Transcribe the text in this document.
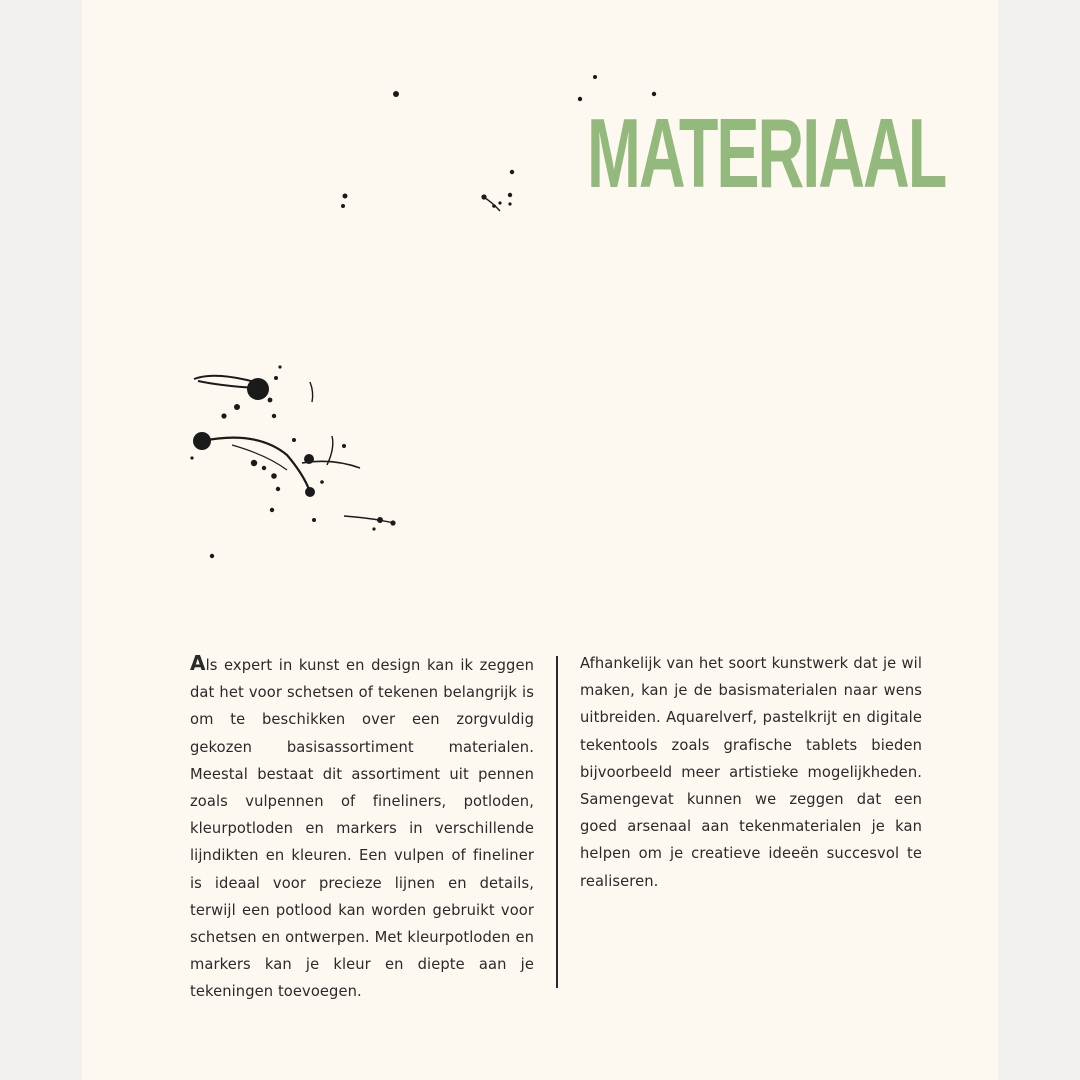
MATERIAAL

Als expert in kunst en design kan ik zeggen dat het voor schetsen of tekenen belangrijk is om te beschikken over een zorgvuldig gekozen basisassortiment materialen. Meestal bestaat dit assortiment uit pennen zoals vulpennen of fineliners, potloden, kleurpotloden en markers in verschillende lijndikten en kleuren. Een vulpen of fineliner is ideaal voor precieze lijnen en details, terwijl een potlood kan worden gebruikt voor schetsen en ontwerpen. Met kleurpotloden en markers kan je kleur en diepte aan je tekeningen toevoegen.

Afhankelijk van het soort kunstwerk dat je wil maken, kan je de basismaterialen naar wens uitbreiden. Aquarelverf, pastelkrijt en digitale tekentools zoals grafische tablets bieden bijvoorbeeld meer artistieke mogelijkheden. Samengevat kunnen we zeggen dat een goed arsenaal aan tekenmaterialen je kan helpen om je creatieve ideeën succesvol te realiseren.
